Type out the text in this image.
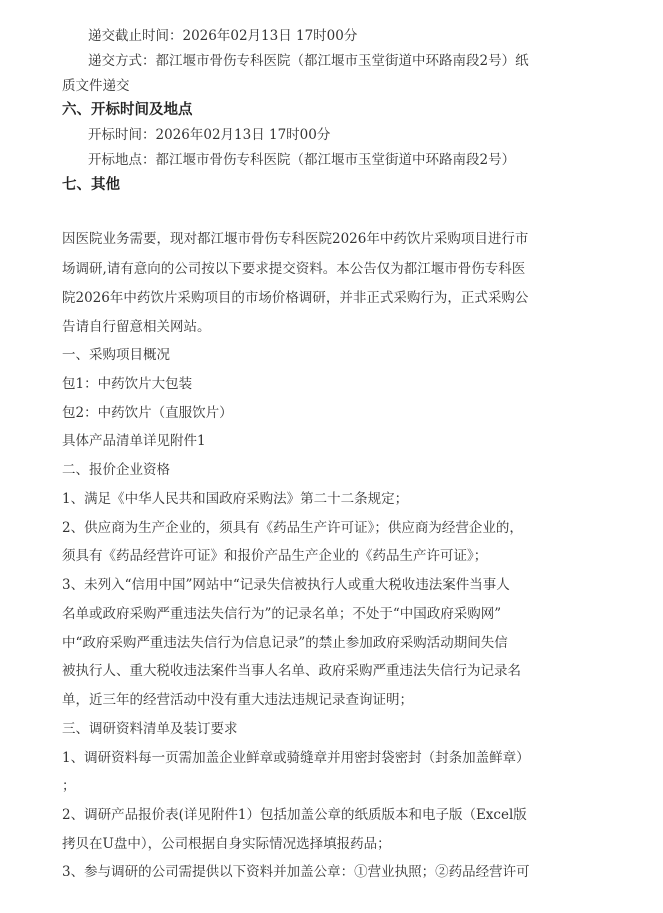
递交截止时间：2026年02月13日 17时00分
递交方式：都江堰市骨伤专科医院（都江堰市玉堂街道中环路南段2号）纸
质文件递交
六、开标时间及地点
开标时间：2026年02月13日 17时00分
开标地点：都江堰市骨伤专科医院（都江堰市玉堂街道中环路南段2号）
七、其他
因医院业务需要，现对都江堰市骨伤专科医院2026年中药饮片采购项目进行市
场调研,请有意向的公司按以下要求提交资料。本公告仅为都江堰市骨伤专科医
院2026年中药饮片采购项目的市场价格调研，并非正式采购行为，正式采购公
告请自行留意相关网站。
一、采购项目概况
包1：中药饮片大包装
包2：中药饮片（直服饮片）
具体产品清单详见附件1
二、报价企业资格
1、满足《中华人民共和国政府采购法》第二十二条规定；
2、供应商为生产企业的，须具有《药品生产许可证》；供应商为经营企业的，
须具有《药品经营许可证》和报价产品生产企业的《药品生产许可证》；
3、未列入“信用中国”网站中“记录失信被执行人或重大税收违法案件当事人
名单或政府采购严重违法失信行为”的记录名单；不处于“中国政府采购网”
中“政府采购严重违法失信行为信息记录”的禁止参加政府采购活动期间失信
被执行人、重大税收违法案件当事人名单、政府采购严重违法失信行为记录名
单，近三年的经营活动中没有重大违法违规记录查询证明；
三、调研资料清单及装订要求
1、调研资料每一页需加盖企业鲜章或骑缝章并用密封袋密封（封条加盖鲜章）
；
2、调研产品报价表(详见附件1）包括加盖公章的纸质版本和电子版（Excel版
拷贝在U盘中），公司根据自身实际情况选择填报药品；
3、参与调研的公司需提供以下资料并加盖公章：①营业执照；②药品经营许可
